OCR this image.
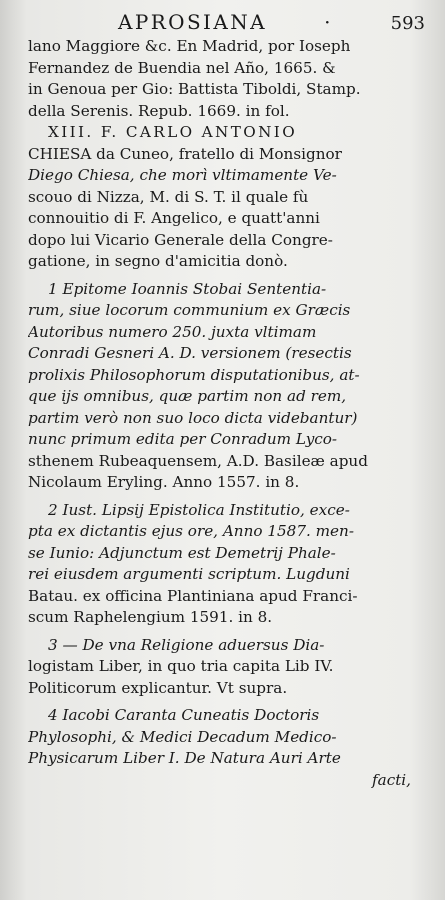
APROSIANA	·	593
lano Maggiore &c. En Madrid, por Ioseph
Fernandez de Buendia nel Año, 1665. &
in Genoua per Gio: Battista Tiboldi, Stamp.
della Serenis. Repub. 1669. in fol.
XIII. F. CARLO ANTONIO
CHIESA da Cuneo, fratello di Monsignor
Diego Chiesa, che morì vltimamente Ve-
scouo di Nizza, M. di S. T. il quale fù
connouitio di F. Angelico, e quatt'anni
dopo lui Vicario Generale della Congre-
gatione, in segno d'amicitia donò.
1 Epitome Ioannis Stobai Sententia-
rum, siue locorum communium ex Græcis
Autoribus numero 250. juxta vltimam
Conradi Gesneri A. D. versionem (resectis
prolixis Philosophorum disputationibus, at-
que ijs omnibus, quæ partim non ad rem,
partim verò non suo loco dicta videbantur)
nunc primum edita per Conradum Lyco-
sthenem Rubeaquensem, A.D. Basileæ apud
Nicolaum Eryling. Anno 1557. in 8.
2 Iust. Lipsij Epistolica Institutio, exce-
pta ex dictantis ejus ore, Anno 1587. men-
se Iunio: Adjunctum est Demetrij Phale-
rei eiusdem argumenti scriptum. Lugduni
Batau. ex officina Plantiniana apud Franci-
scum Raphelengium 1591. in 8.
3 — De vna Religione aduersus Dia-
logistam Liber, in quo tria capita Lib IV.
Politicorum explicantur. Vt supra.
4 Iacobi Caranta Cuneatis Doctoris
Phylosophi, & Medici Decadum Medico-
Physicarum Liber I. De Natura Auri Arte
facti,
